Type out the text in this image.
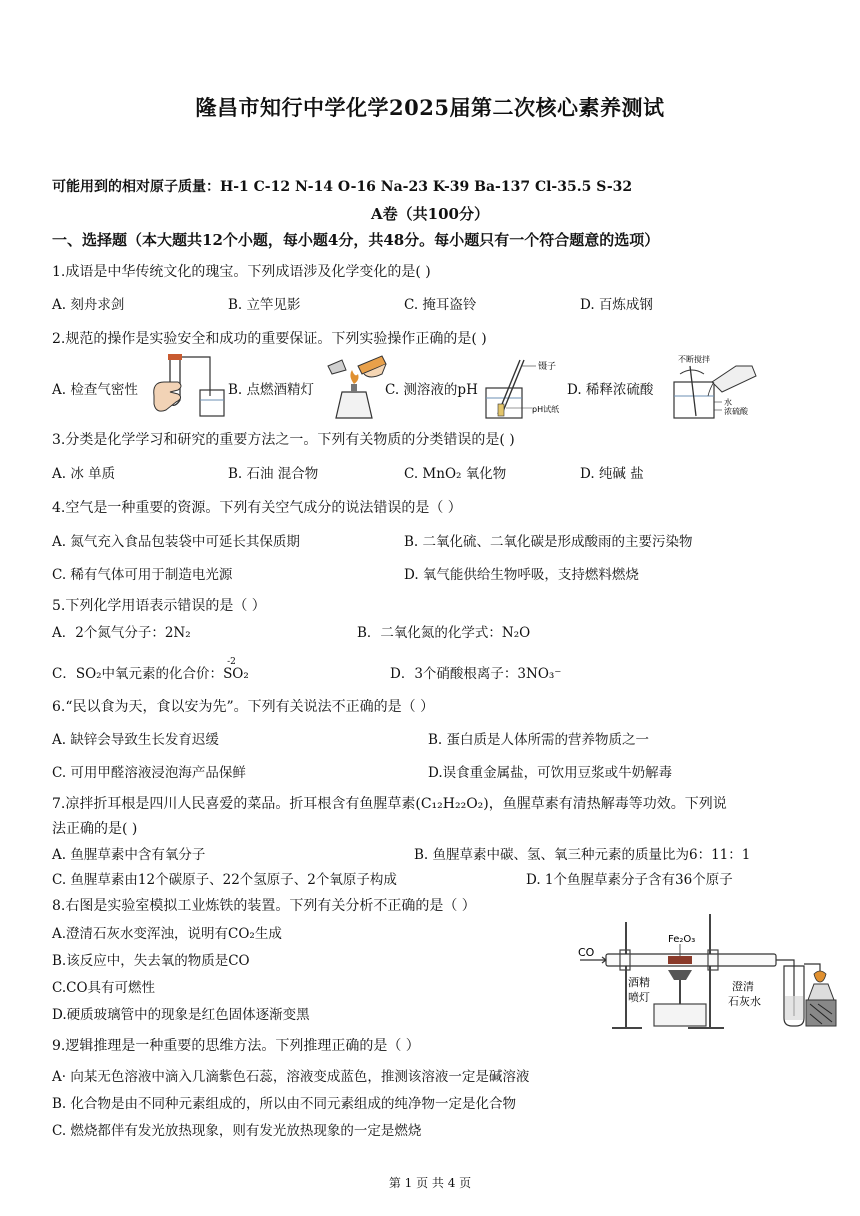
隆昌市知行中学化学2025届第二次核心素养测试
可能用到的相对原子质量：H-1 C-12 N-14 O-16 Na-23 K-39 Ba-137 Cl-35.5 S-32
A卷（共100分）
一、选择题（本大题共12个小题，每小题4分，共48分。每小题只有一个符合题意的选项）
1.成语是中华传统文化的瑰宝。下列成语涉及化学变化的是( )
A. 刻舟求剑	B. 立竿见影	C. 掩耳盗铃	D. 百炼成钢
2.规范的操作是实验安全和成功的重要保证。下列实验操作正确的是( )
A. 检查气密性	B. 点燃酒精灯	C. 测溶液的pH	D. 稀释浓硫酸
镊子
pH试纸
不断搅拌
水
浓硫酸
3.分类是化学学习和研究的重要方法之一。下列有关物质的分类错误的是( )
A. 冰 单质	B. 石油 混合物	C. MnO₂ 氧化物	D. 纯碱 盐
4.空气是一种重要的资源。下列有关空气成分的说法错误的是（ ）
A. 氮气充入食品包装袋中可延长其保质期	B. 二氧化硫、二氧化碳是形成酸雨的主要污染物
C. 稀有气体可用于制造电光源	D. 氧气能供给生物呼吸，支持燃料燃烧
5.下列化学用语表示错误的是（ ）
A．2个氮气分子：2N₂	B．二氧化氮的化学式：N₂O
C．SO₂中氧元素的化合价：
-2
SO₂	D．3个硝酸根离子：3NO₃⁻
6.“民以食为天，食以安为先”。下列有关说法不正确的是（ ）
A. 缺锌会导致生长发育迟缓	B. 蛋白质是人体所需的营养物质之一
C. 可用甲醛溶液浸泡海产品保鲜	D.误食重金属盐，可饮用豆浆或牛奶解毒
7.凉拌折耳根是四川人民喜爱的菜品。折耳根含有鱼腥草素(C₁₂H₂₂O₂)，鱼腥草素有清热解毒等功效。下列说
法正确的是( )
A. 鱼腥草素中含有氧分子	B. 鱼腥草素中碳、氢、氧三种元素的质量比为6：11：1
C. 鱼腥草素由12个碳原子、22个氢原子、2个氧原子构成	D. 1个鱼腥草素分子含有36个原子
8.右图是实验室模拟工业炼铁的装置。下列有关分析不正确的是（ ）
A.澄清石灰水变浑浊，说明有CO₂生成
B.该反应中，失去氧的物质是CO
C.CO具有可燃性
D.硬质玻璃管中的现象是红色固体逐渐变黑
CO
Fe₂O₃
酒精
喷灯
澄清
石灰水
9.逻辑推理是一种重要的思维方法。下列推理正确的是（ ）
A· 向某无色溶液中滴入几滴紫色石蕊，溶液变成蓝色，推测该溶液一定是碱溶液
B. 化合物是由不同种元素组成的，所以由不同元素组成的纯净物一定是化合物
C. 燃烧都伴有发光放热现象，则有发光放热现象的一定是燃烧
第 1 页 共 4 页
